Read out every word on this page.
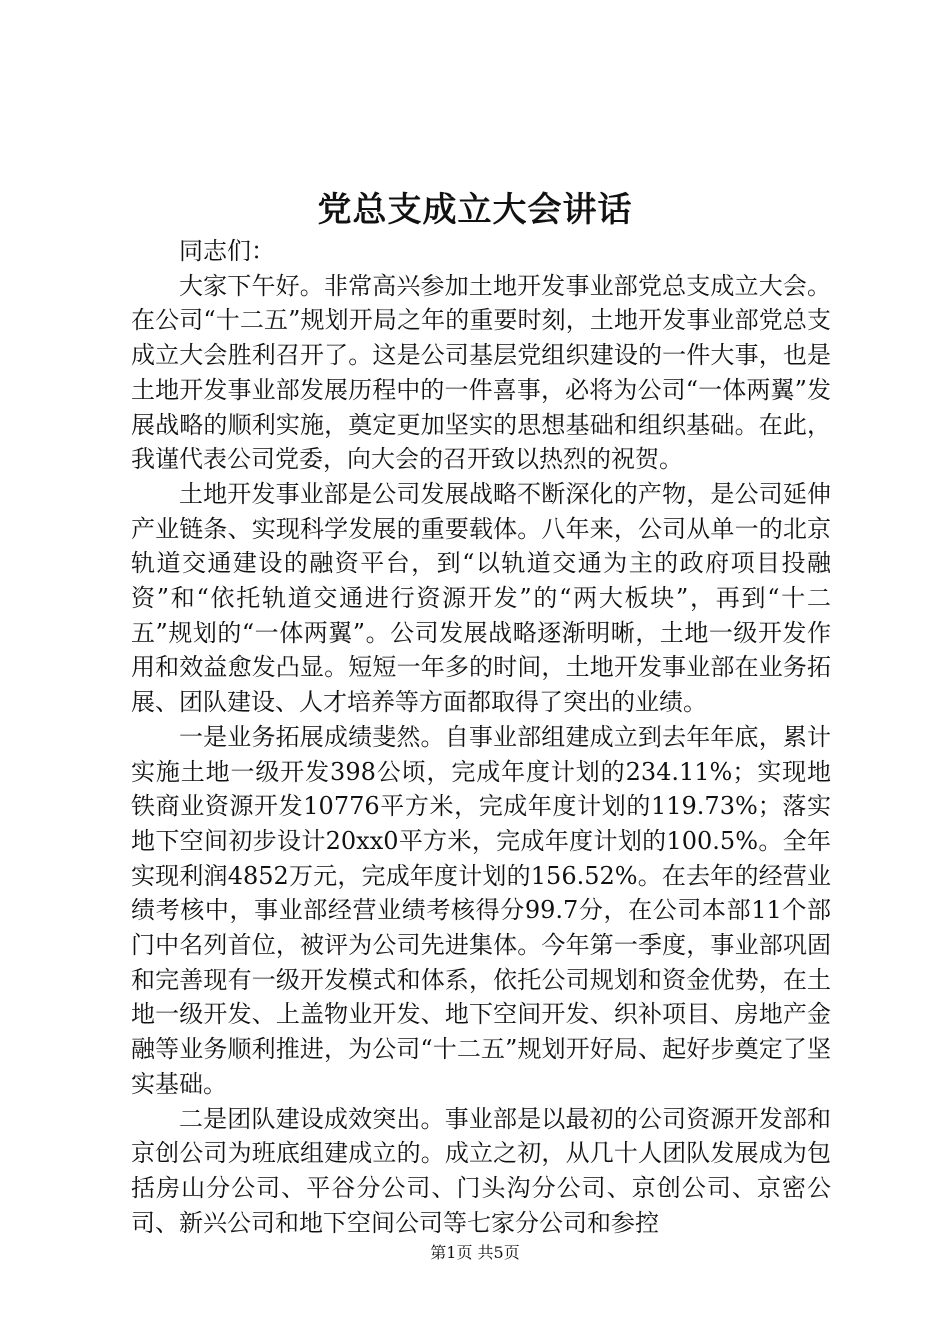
党总支成立大会讲话

同志们：

大家下午好。非常高兴参加土地开发事业部党总支成立大会。在公司“十二五”规划开局之年的重要时刻，土地开发事业部党总支成立大会胜利召开了。这是公司基层党组织建设的一件大事，也是土地开发事业部发展历程中的一件喜事，必将为公司“一体两翼”发展战略的顺利实施，奠定更加坚实的思想基础和组织基础。在此，我谨代表公司党委，向大会的召开致以热烈的祝贺。

土地开发事业部是公司发展战略不断深化的产物，是公司延伸产业链条、实现科学发展的重要载体。八年来，公司从单一的北京轨道交通建设的融资平台，到“以轨道交通为主的政府项目投融资”和“依托轨道交通进行资源开发”的“两大板块”，再到“十二五”规划的“一体两翼”。公司发展战略逐渐明晰，土地一级开发作用和效益愈发凸显。短短一年多的时间，土地开发事业部在业务拓展、团队建设、人才培养等方面都取得了突出的业绩。

一是业务拓展成绩斐然。自事业部组建成立到去年年底，累计实施土地一级开发398公顷，完成年度计划的234.11%；实现地铁商业资源开发10776平方米，完成年度计划的119.73%；落实地下空间初步设计20xx0平方米，完成年度计划的100.5%。全年实现利润4852万元，完成年度计划的156.52%。在去年的经营业绩考核中，事业部经营业绩考核得分99.7分，在公司本部11个部门中名列首位，被评为公司先进集体。今年第一季度，事业部巩固和完善现有一级开发模式和体系，依托公司规划和资金优势，在土地一级开发、上盖物业开发、地下空间开发、织补项目、房地产金融等业务顺利推进，为公司“十二五”规划开好局、起好步奠定了坚实基础。

二是团队建设成效突出。事业部是以最初的公司资源开发部和京创公司为班底组建成立的。成立之初，从几十人团队发展成为包括房山分公司、平谷分公司、门头沟分公司、京创公司、京密公司、新兴公司和地下空间公司等七家分公司和参控

第1页 共5页
